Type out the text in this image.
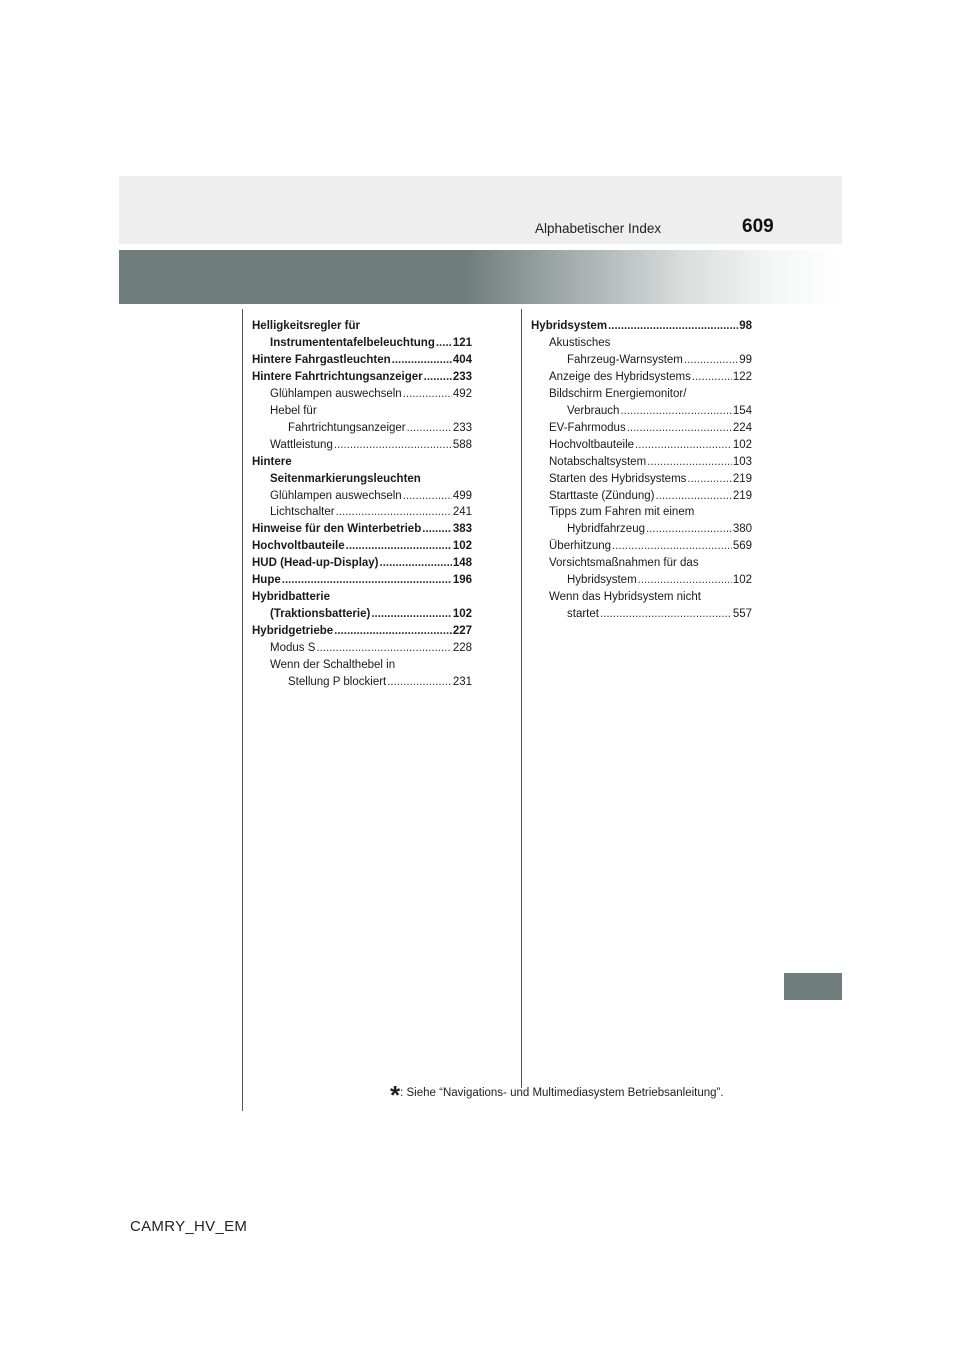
Alphabetischer Index	609
Helligkeitsregler für
Instrumententafelbeleuchtung ..... 121
Hintere Fahrgastleuchten .....	404
Hintere Fahrtrichtungsanzeiger .....	233
Glühlampen auswechseln .....	492
Hebel für
Fahrtrichtungsanzeiger .....	233
Wattleistung .....	588
Hintere
Seitenmarkierungsleuchten
Glühlampen auswechseln .....	499
Lichtschalter .....	241
Hinweise für den Winterbetrieb .....	383
Hochvoltbauteile .....	102
HUD (Head-up-Display) .....	148
Hupe .....	196
Hybridbatterie
(Traktionsbatterie) .....	102
Hybridgetriebe .....	227
Modus S .....	228
Wenn der Schalthebel in
Stellung P blockiert .....	231
Hybridsystem .....	98
Akustisches
Fahrzeug-Warnsystem .....	99
Anzeige des Hybridsystems .....	122
Bildschirm Energiemonitor/
Verbrauch .....	154
EV-Fahrmodus .....	224
Hochvoltbauteile .....	102
Notabschaltsystem .....	103
Starten des Hybridsystems .....	219
Starttaste (Zündung) .....	219
Tipps zum Fahren mit einem
Hybridfahrzeug .....	380
Überhitzung .....	569
Vorsichtsmaßnahmen für das
Hybridsystem .....	102
Wenn das Hybridsystem nicht
startet .....	557
*: Siehe “Navigations- und Multimediasystem Betriebsanleitung”.
CAMRY_HV_EM
